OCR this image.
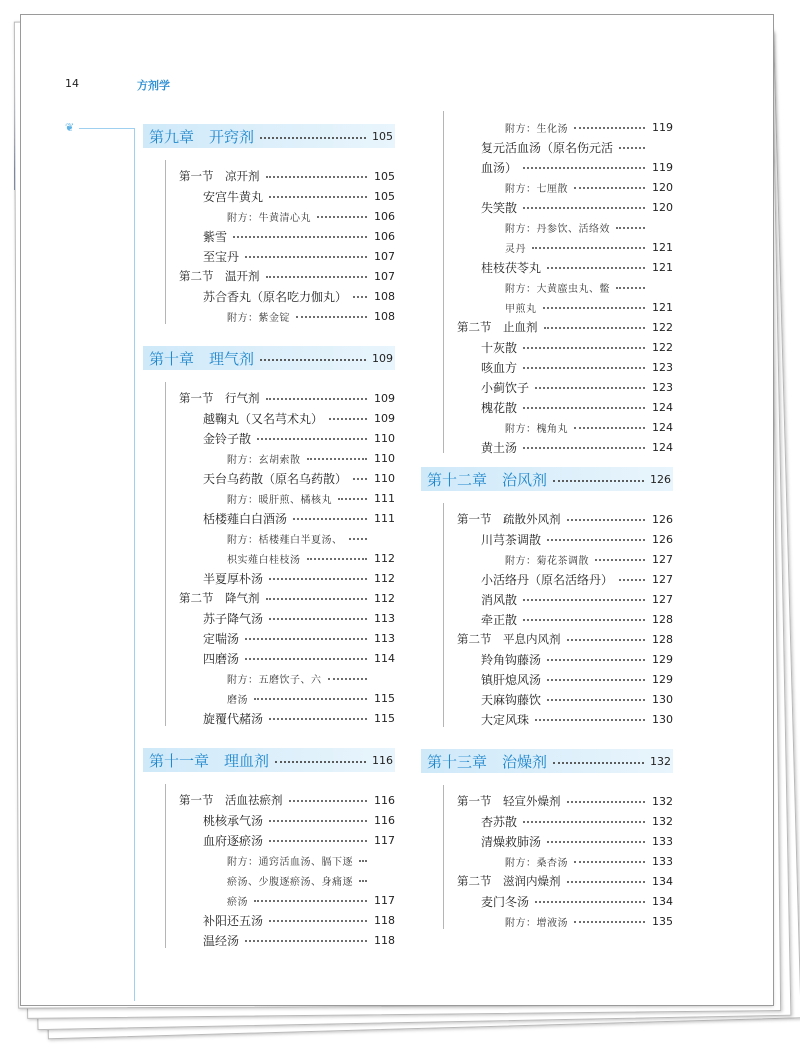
14	方剂学
❦	第九章　开窍剂	105
第一节　凉开剂	105
安宫牛黄丸	105
附方：牛黄清心丸	106
紫雪	106
至宝丹	107
第二节　温开剂	107
苏合香丸（原名吃力伽丸） 108
附方：紫金锭	108
第十章　理气剂	109
第一节　行气剂	109
越鞠丸（又名芎术丸）	109
金铃子散	110
附方：玄胡索散	110
天台乌药散（原名乌药散） 110
附方：暖肝煎、橘核丸	111
栝楼薤白白酒汤	111
附方：栝楼薤白半夏汤、
枳实薤白桂枝汤	112
半夏厚朴汤	112
第二节　降气剂	112
苏子降气汤	113
定喘汤	113
四磨汤	114
附方：五磨饮子、六
磨汤	115
旋覆代赭汤	115
第十一章　理血剂	116
第一节　活血祛瘀剂	116
桃核承气汤	116
血府逐瘀汤	117
附方：通窍活血汤、膈下逐
瘀汤、少腹逐瘀汤、身痛逐
瘀汤	117
补阳还五汤	118
温经汤	118
附方：生化汤	119
复元活血汤（原名伤元活
血汤）	119
附方：七厘散	120
失笑散	120
附方：丹参饮、活络效
灵丹	121
桂枝茯苓丸	121
附方：大黄䗪虫丸、鳖
甲煎丸	121
第二节　止血剂	122
十灰散	122
咳血方	123
小蓟饮子	123
槐花散	124
附方：槐角丸	124
黄土汤	124
第十二章　治风剂	126
第一节　疏散外风剂	126
川芎茶调散	126
附方：菊花茶调散	127
小活络丹（原名活络丹）	127
消风散	127
牵正散	128
第二节　平息内风剂	128
羚角钩藤汤	129
镇肝熄风汤	129
天麻钩藤饮	130
大定风珠	130
第十三章　治燥剂	132
第一节　轻宣外燥剂	132
杏苏散	132
清燥救肺汤	133
附方：桑杏汤	133
第二节　滋润内燥剂	134
麦门冬汤	134
附方：增液汤	135
